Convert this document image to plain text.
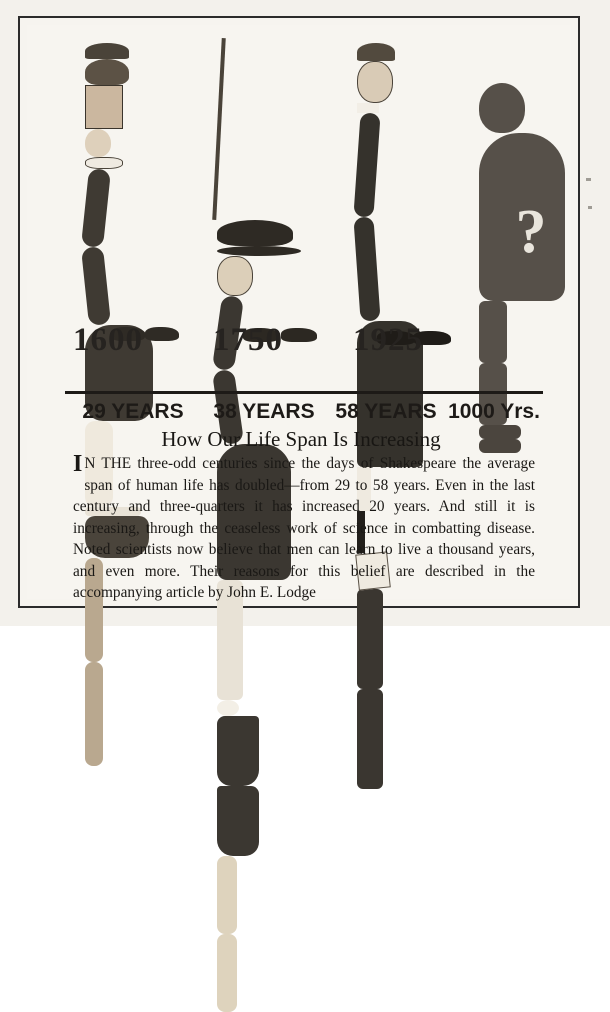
?
1600 1750 1925
29 YEARS	38 YEARS 58 YEARS 1000 Yrs.
How Our Life Span Is Increasing

I N THE three-odd centuries since the days of Shakespeare the average span of human life has doubled—from 29 to 58 years. Even in the last century and three-quarters it has increased 20 years. And still it is increasing, through the ceaseless work of science in combatting disease. Noted scientists now believe that men can learn to live a thousand years, and even more. Their reasons for this belief are described in the accompanying article by John E. Lodge
